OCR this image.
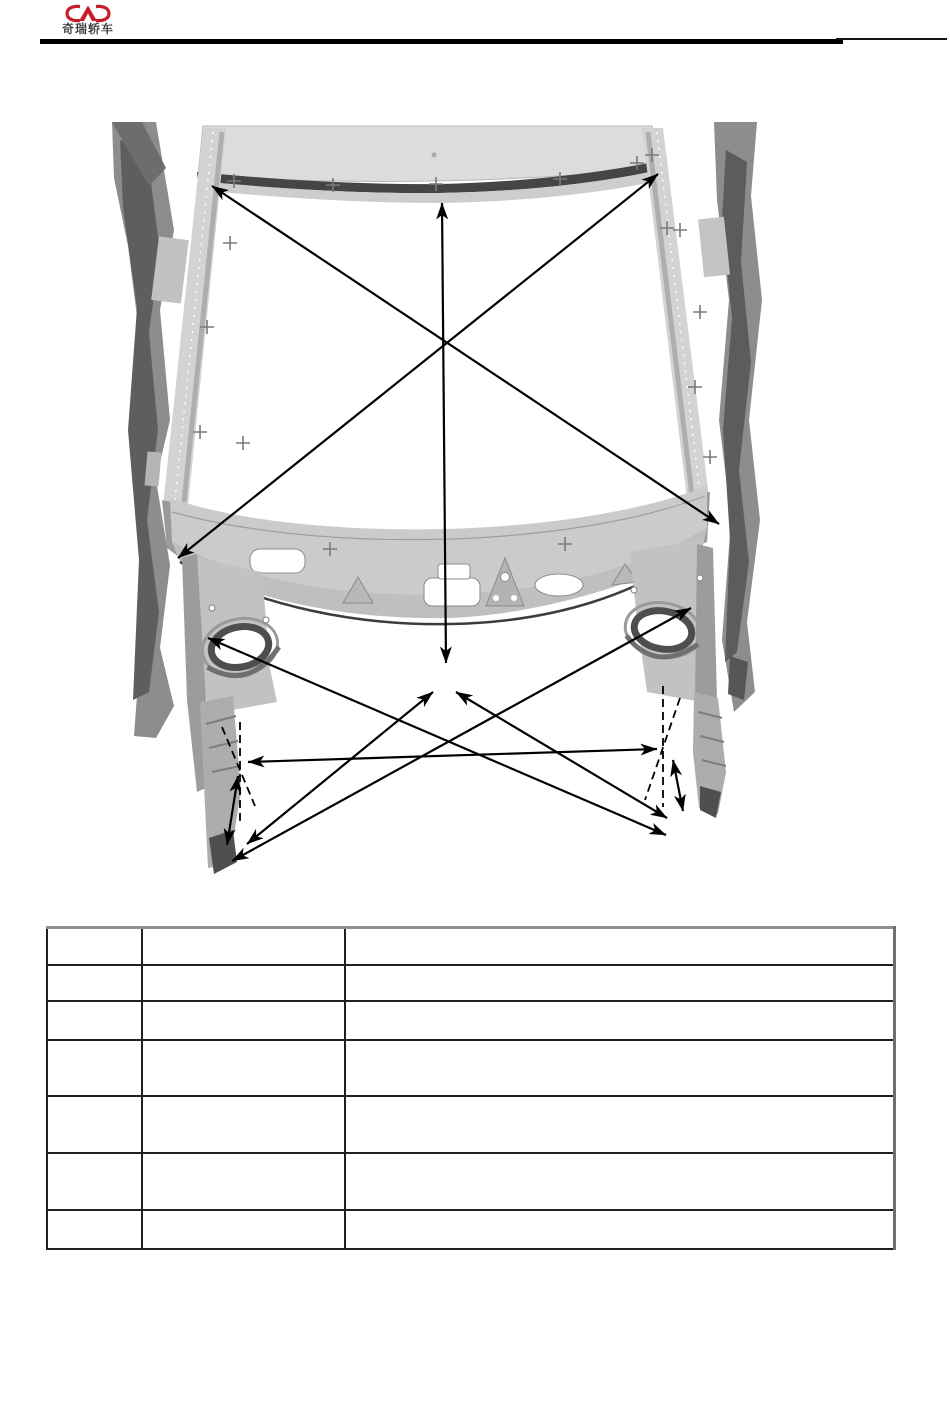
奇瑞轿车
